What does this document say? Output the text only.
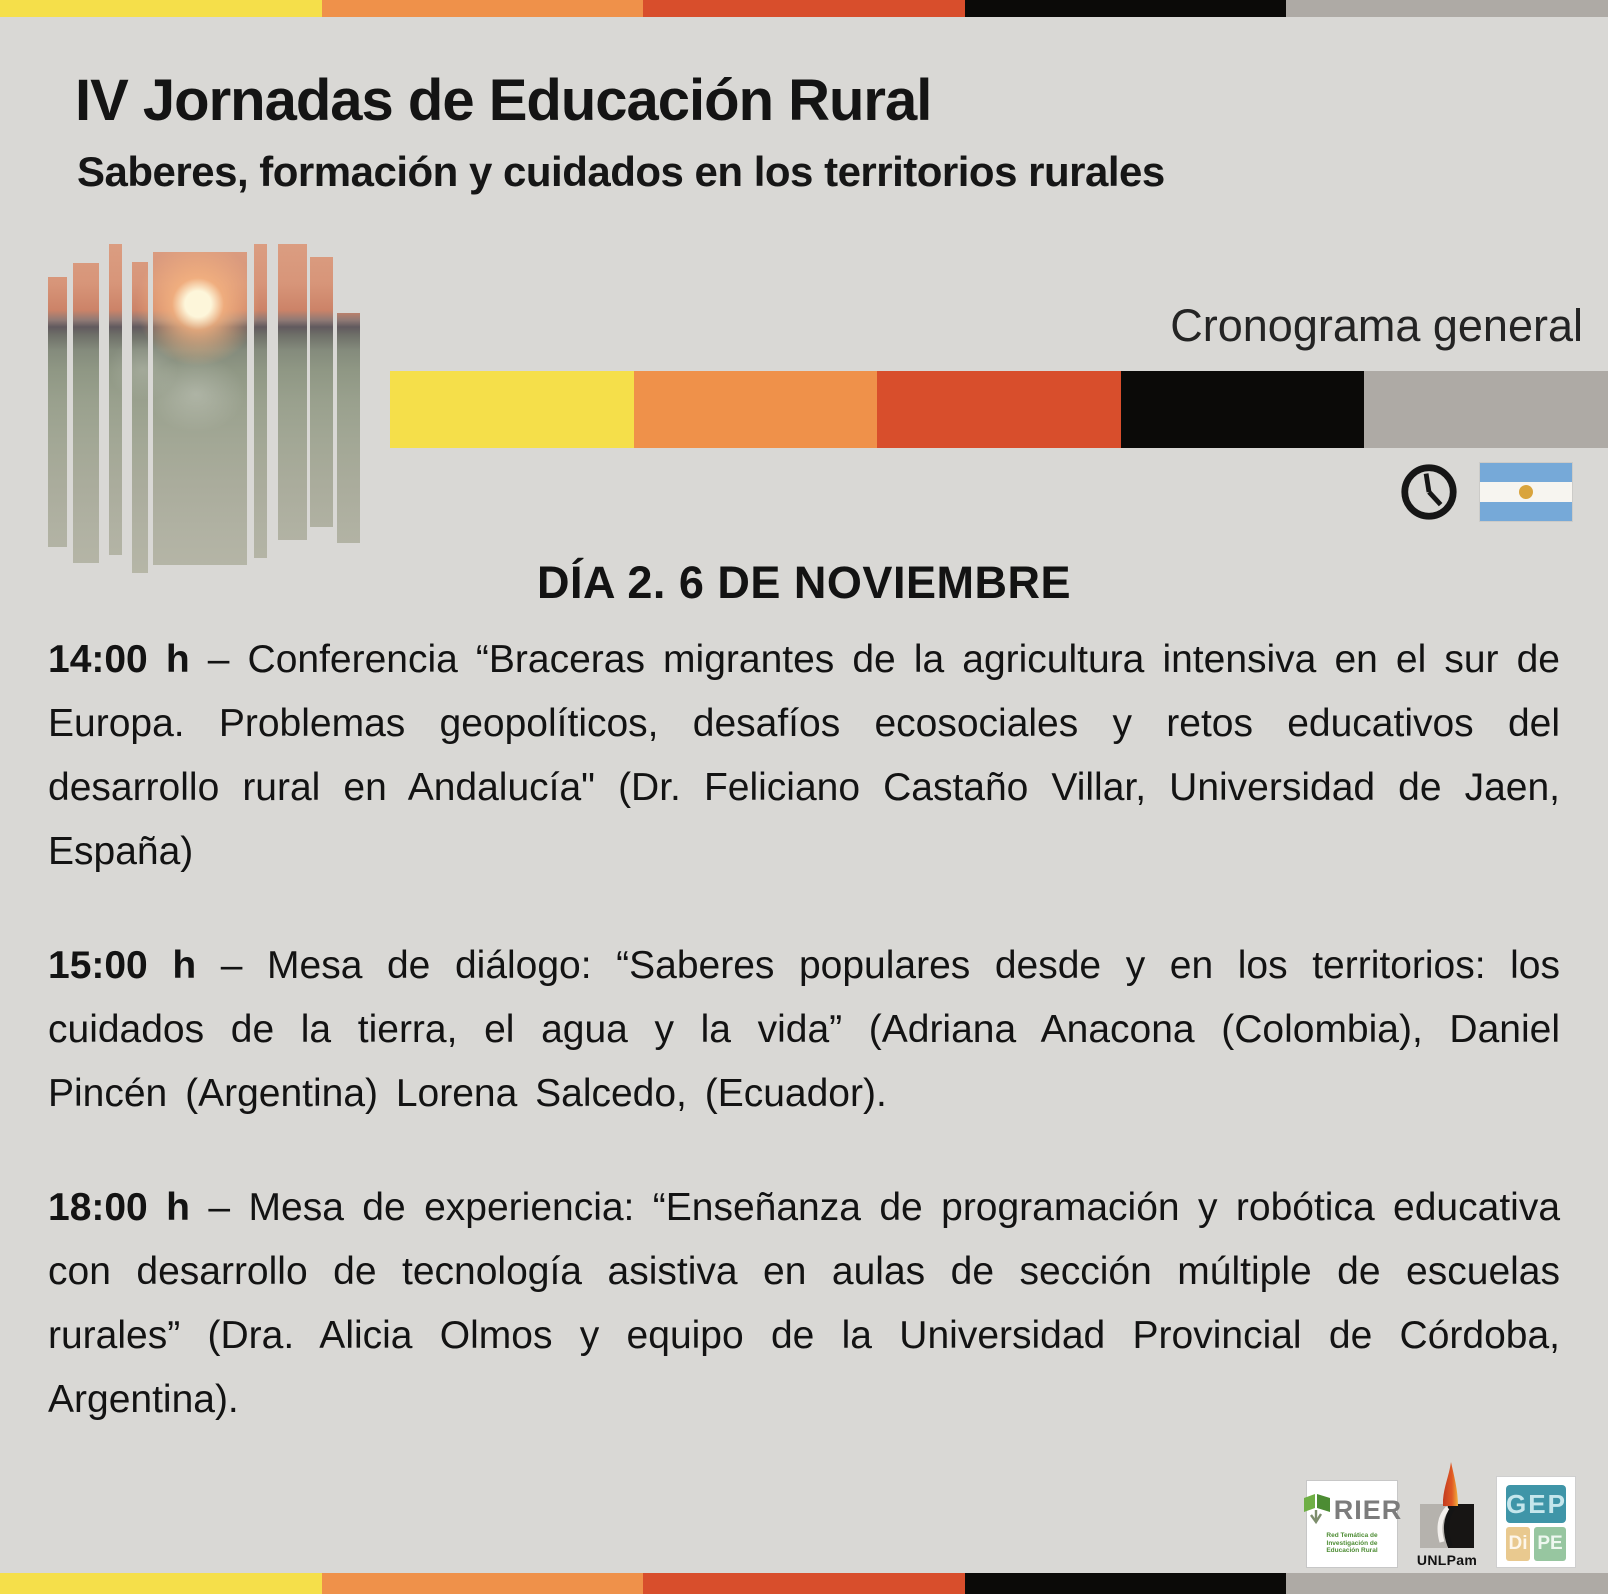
IV Jornadas de Educación Rural
Saberes, formación y cuidados en los territorios rurales
Cronograma general
DÍA 2. 6 DE NOVIEMBRE

14:00 h – Conferencia “Braceras migrantes de la agricultura intensiva en el sur de Europa. Problemas geopolíticos, desafíos ecosociales y retos educativos del desarrollo rural en Andalucía" (Dr. Feliciano Castaño Villar, Universidad de Jaen, España)

15:00 h – Mesa de diálogo: “Saberes populares desde y en los territorios: los cuidados de la tierra, el agua y la vida” (Adriana Anacona (Colombia), Daniel Pincén (Argentina) Lorena Salcedo, (Ecuador).

18:00 h – Mesa de experiencia: “Enseñanza de programación y robótica educativa con desarrollo de tecnología asistiva en aulas de sección múltiple de escuelas rurales” (Dra. Alicia Olmos y equipo de la Universidad Provincial de Córdoba, Argentina).

RIER
Red Temática de Investigación de Educación Rural
UNLPam
GEP
Di PE
